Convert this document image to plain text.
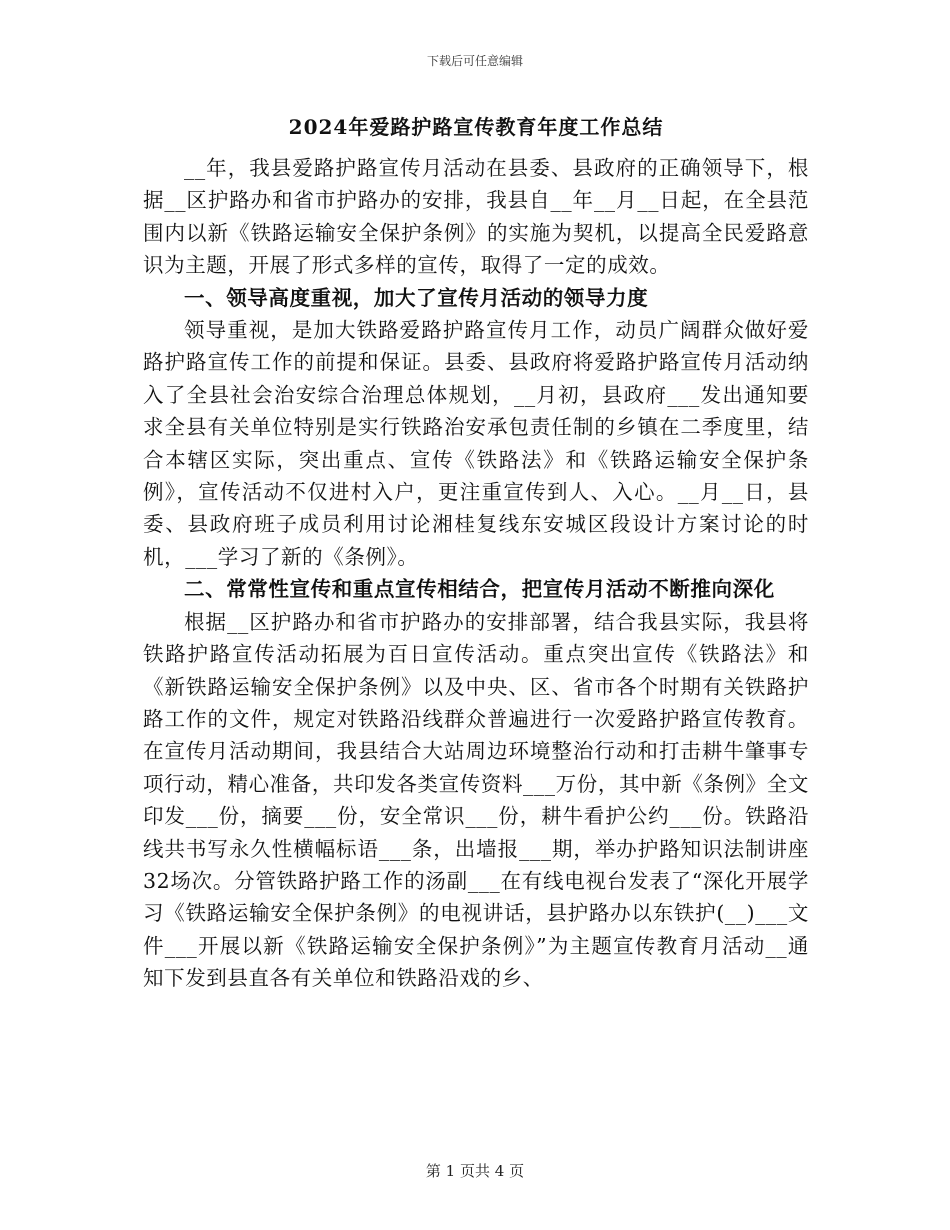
下载后可任意编辑
2024年爱路护路宣传教育年度工作总结

__年，我县爱路护路宣传月活动在县委、县政府的正确领导下，根据__区护路办和省市护路办的安排，我县自__年__月__日起，在全县范围内以新《铁路运输安全保护条例》的实施为契机，以提高全民爱路意识为主题，开展了形式多样的宣传，取得了一定的成效。

一、领导高度重视，加大了宣传月活动的领导力度

领导重视，是加大铁路爱路护路宣传月工作，动员广阔群众做好爱路护路宣传工作的前提和保证。县委、县政府将爱路护路宣传月活动纳入了全县社会治安综合治理总体规划，__月初，县政府___发出通知要求全县有关单位特别是实行铁路治安承包责任制的乡镇在二季度里，结合本辖区实际，突出重点、宣传《铁路法》和《铁路运输安全保护条例》，宣传活动不仅进村入户，更注重宣传到人、入心。__月__日，县委、县政府班子成员利用讨论湘桂复线东安城区段设计方案讨论的时机，___学习了新的《条例》。

二、常常性宣传和重点宣传相结合，把宣传月活动不断推向深化

根据__区护路办和省市护路办的安排部署，结合我县实际，我县将铁路护路宣传活动拓展为百日宣传活动。重点突出宣传《铁路法》和《新铁路运输安全保护条例》以及中央、区、省市各个时期有关铁路护路工作的文件，规定对铁路沿线群众普遍进行一次爱路护路宣传教育。在宣传月活动期间，我县结合大站周边环境整治行动和打击耕牛肇事专项行动，精心准备，共印发各类宣传资料___万份，其中新《条例》全文印发___份，摘要___份，安全常识___份，耕牛看护公约___份。铁路沿线共书写永久性横幅标语___条，出墙报___期，举办护路知识法制讲座32场次。分管铁路护路工作的汤副___在有线电视台发表了“深化开展学习《铁路运输安全保护条例》的电视讲话，县护路办以东铁护(__)___文件___开展以新《铁路运输安全保护条例》”为主题宣传教育月活动__通知下发到县直各有关单位和铁路沿戏的乡、

第 1 页共 4 页
